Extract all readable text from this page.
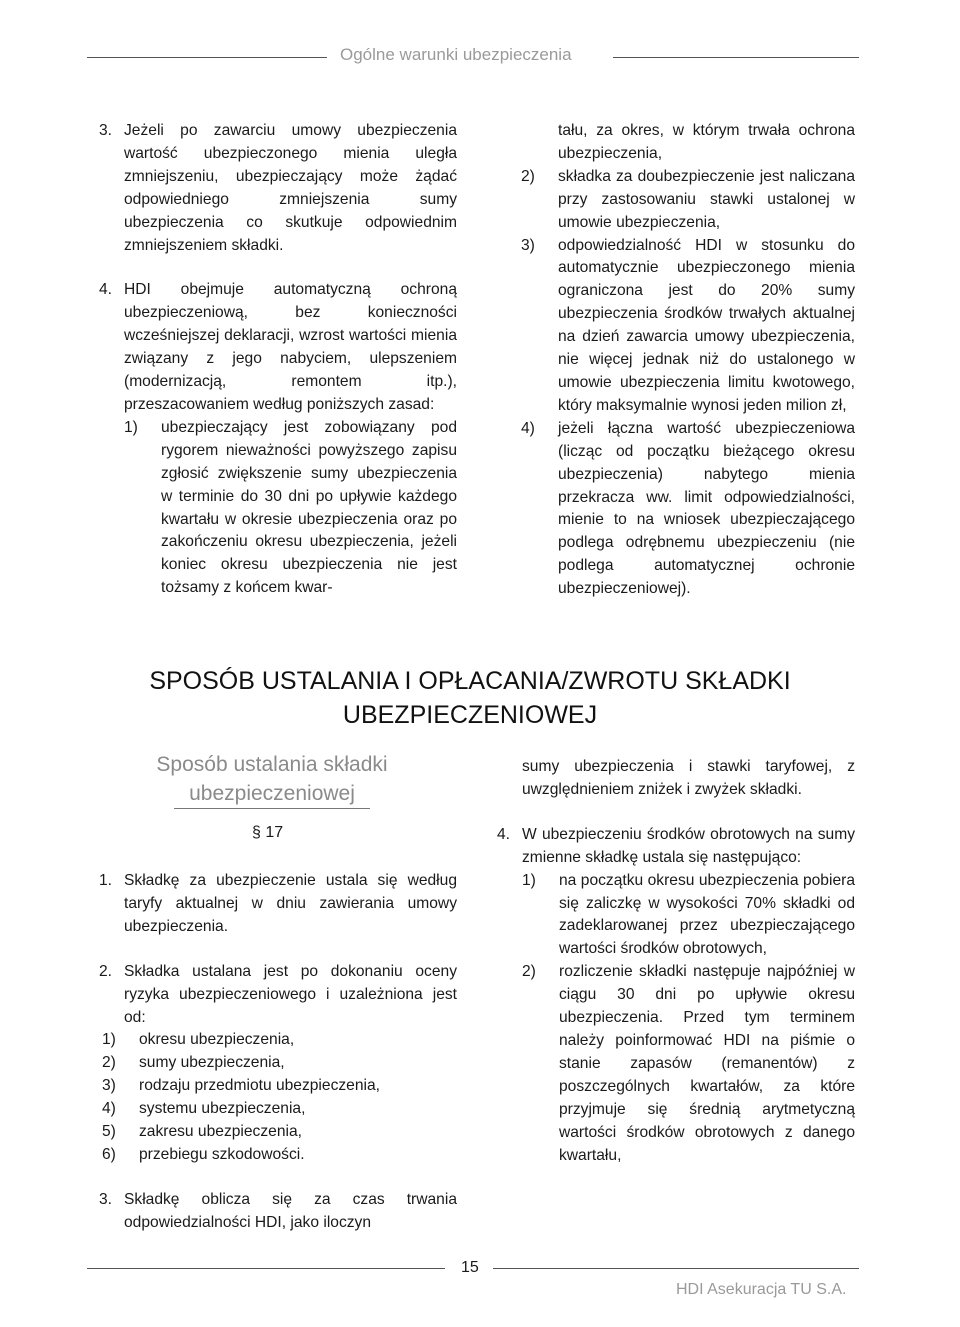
Ogólne warunki ubezpieczenia
3. Jeżeli po zawarciu umowy ubezpieczenia wartość ubezpieczonego mienia uległa zmniejszeniu, ubezpieczający może żądać odpowiedniego zmniejszenia sumy ubezpieczenia co skutkuje odpowiednim zmniejszeniem składki.

4. HDI obejmuje automatyczną ochroną ubezpieczeniową, bez konieczności wcześniejszej deklaracji, wzrost wartości mienia związany z jego nabyciem, ulepszeniem (modernizacją, remontem itp.), przeszacowaniem według poniższych zasad:

1) ubezpieczający jest zobowiązany pod rygorem nieważności powyższego zapisu zgłosić zwiększenie sumy ubezpieczenia w terminie do 30 dni po upływie każdego kwartału w okresie ubezpieczenia oraz po zakończeniu okresu ubezpieczenia, jeżeli koniec okresu ubezpieczenia nie jest tożsamy z końcem kwar-

tału, za okres, w którym trwała ochrona ubezpieczenia,

2) składka za doubezpieczenie jest naliczana przy zastosowaniu stawki ustalonej w umowie ubezpieczenia,

3) odpowiedzialność HDI w stosunku do automatycznie ubezpieczonego mienia ograniczona jest do 20% sumy ubezpieczenia środków trwałych aktualnej na dzień zawarcia umowy ubezpieczenia, nie więcej jednak niż do ustalonego w umowie ubezpieczenia limitu kwotowego, który maksymalnie wynosi jeden milion zł,

4) jeżeli łączna wartość ubezpieczeniowa (licząc od początku bieżącego okresu ubezpieczenia) nabytego mienia przekracza ww. limit odpowiedzialności, mienie to na wniosek ubezpieczającego podlega odrębnemu ubezpieczeniu (nie podlega automatycznej ochronie ubezpieczeniowej).

SPOSÓB USTALANIA I OPŁACANIA/ZWROTU SKŁADKI
UBEZPIECZENIOWEJ
Sposób ustalania składki
ubezpieczeniowej
§ 17
1. Składkę za ubezpieczenie ustala się według taryfy aktualnej w dniu zawierania umowy ubezpieczenia.

2. Składka ustalana jest po dokonaniu oceny ryzyka ubezpieczeniowego i uzależniona jest od:

1) okresu ubezpieczenia,

2) sumy ubezpieczenia,

3) rodzaju przedmiotu ubezpieczenia,

4) systemu ubezpieczenia,

5) zakresu ubezpieczenia,

6) przebiegu szkodowości.

3. Składkę oblicza się za czas trwania odpowiedzialności HDI, jako iloczyn

sumy ubezpieczenia i stawki taryfowej, z uwzględnieniem zniżek i zwyżek składki.

4. W ubezpieczeniu środków obrotowych na sumy zmienne składkę ustala się następująco:

1) na początku okresu ubezpieczenia pobiera się zaliczkę w wysokości 70% składki od zadeklarowanej przez ubezpieczającego wartości środków obrotowych,

2) rozliczenie składki następuje najpóźniej w ciągu 30 dni po upływie okresu ubezpieczenia. Przed tym terminem należy poinformować HDI na piśmie o stanie zapasów (remanentów) z poszczególnych kwartałów, za które przyjmuje się średnią arytmetyczną wartości środków obrotowych z danego kwartału,

15
HDI Asekuracja TU S.A.
